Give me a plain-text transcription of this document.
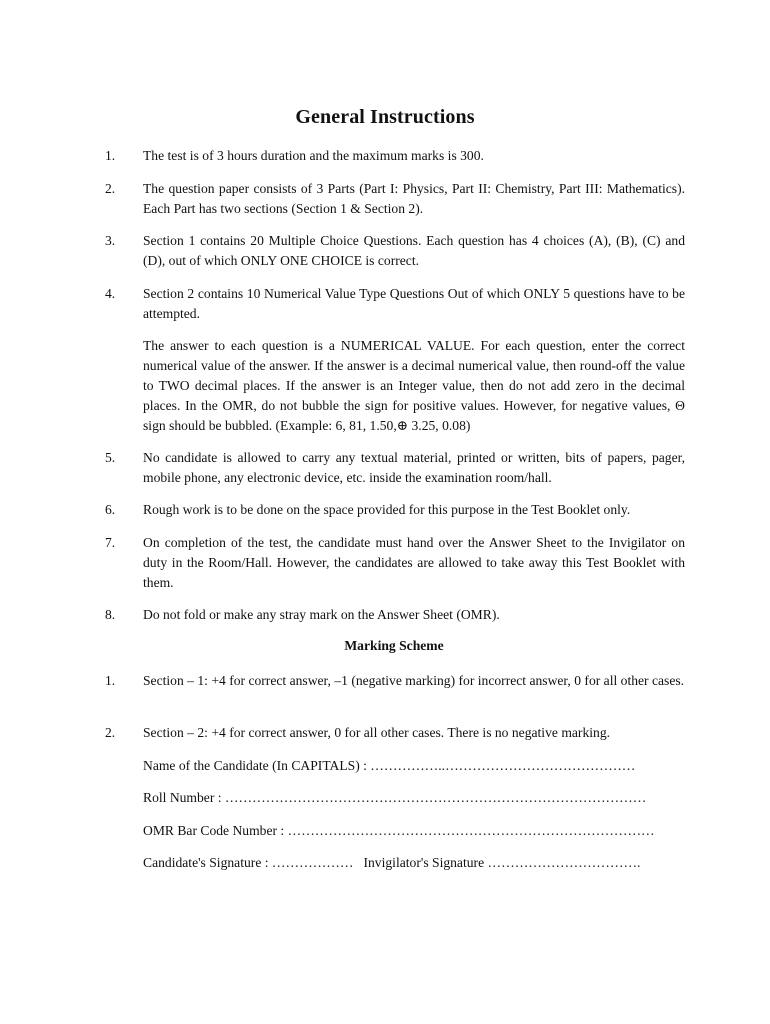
General Instructions
1.	The test is of 3 hours duration and the maximum marks is 300.
2.	The question paper consists of 3 Parts (Part I: Physics, Part II: Chemistry, Part III: Mathematics). Each Part has two sections (Section 1 & Section 2).
3.	Section 1 contains 20 Multiple Choice Questions. Each question has 4 choices (A), (B), (C) and (D), out of which ONLY ONE CHOICE is correct.
4.	Section 2 contains 10 Numerical Value Type Questions Out of which ONLY 5 questions have to be attempted.
The answer to each question is a NUMERICAL VALUE. For each question, enter the correct numerical value of the answer. If the answer is a decimal numerical value, then round-off the value to TWO decimal places. If the answer is an Integer value, then do not add zero in the decimal places. In the OMR, do not bubble the sign for positive values. However, for negative values, Θ sign should be bubbled. (Example: 6, 81, 1.50,⊕ 3.25, 0.08)
5.	No candidate is allowed to carry any textual material, printed or written, bits of papers, pager, mobile phone, any electronic device, etc. inside the examination room/hall.
6.	Rough work is to be done on the space provided for this purpose in the Test Booklet only.
7.	On completion of the test, the candidate must hand over the Answer Sheet to the Invigilator on duty in the Room/Hall. However, the candidates are allowed to take away this Test Booklet with them.
8.	Do not fold or make any stray mark on the Answer Sheet (OMR).
Marking Scheme
1.	Section – 1: +4 for correct answer, –1 (negative marking) for incorrect answer, 0 for all other cases.
2.	Section – 2: +4 for correct answer, 0 for all other cases. There is no negative marking.
Name of the Candidate (In CAPITALS) : ……………..……………………………………
Roll Number : …………………………………………………………………………………
OMR Bar Code Number : ………………………………………………………………………
Candidate's Signature : ……………… Invigilator's Signature …………………………….
